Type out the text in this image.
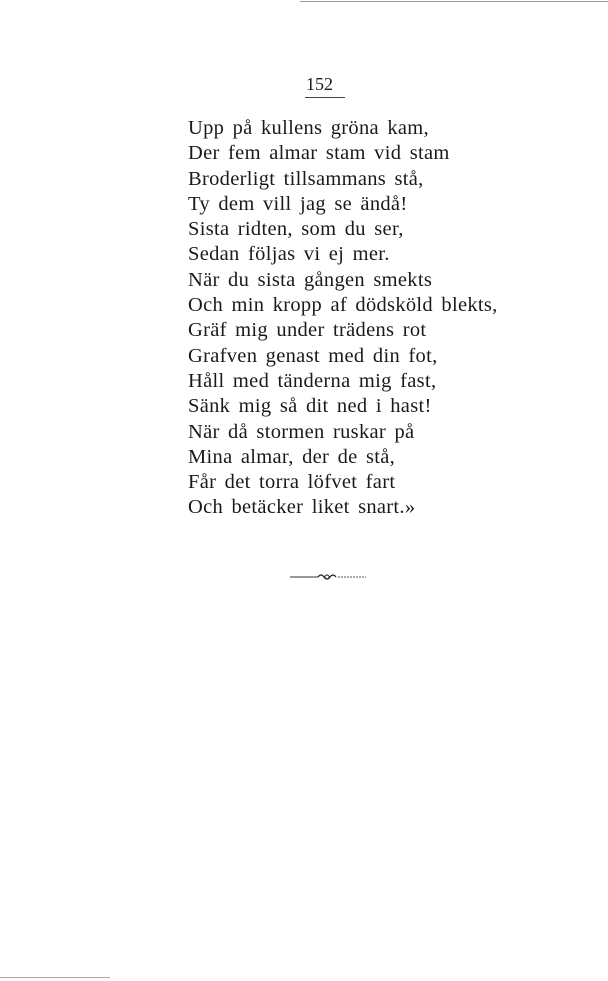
152
Upp på kullens gröna kam,
Der fem almar stam vid stam
Broderligt tillsammans stå,
Ty dem vill jag se ändå!
Sista ridten, som du ser,
Sedan följas vi ej mer.
När du sista gången smekts
Och min kropp af dödsköld blekts,
Gräf mig under trädens rot
Grafven genast med din fot,
Håll med tänderna mig fast,
Sänk mig så dit ned i hast!
När då stormen ruskar på
Mina almar, der de stå,
Får det torra löfvet fart
Och betäcker liket snart.»
